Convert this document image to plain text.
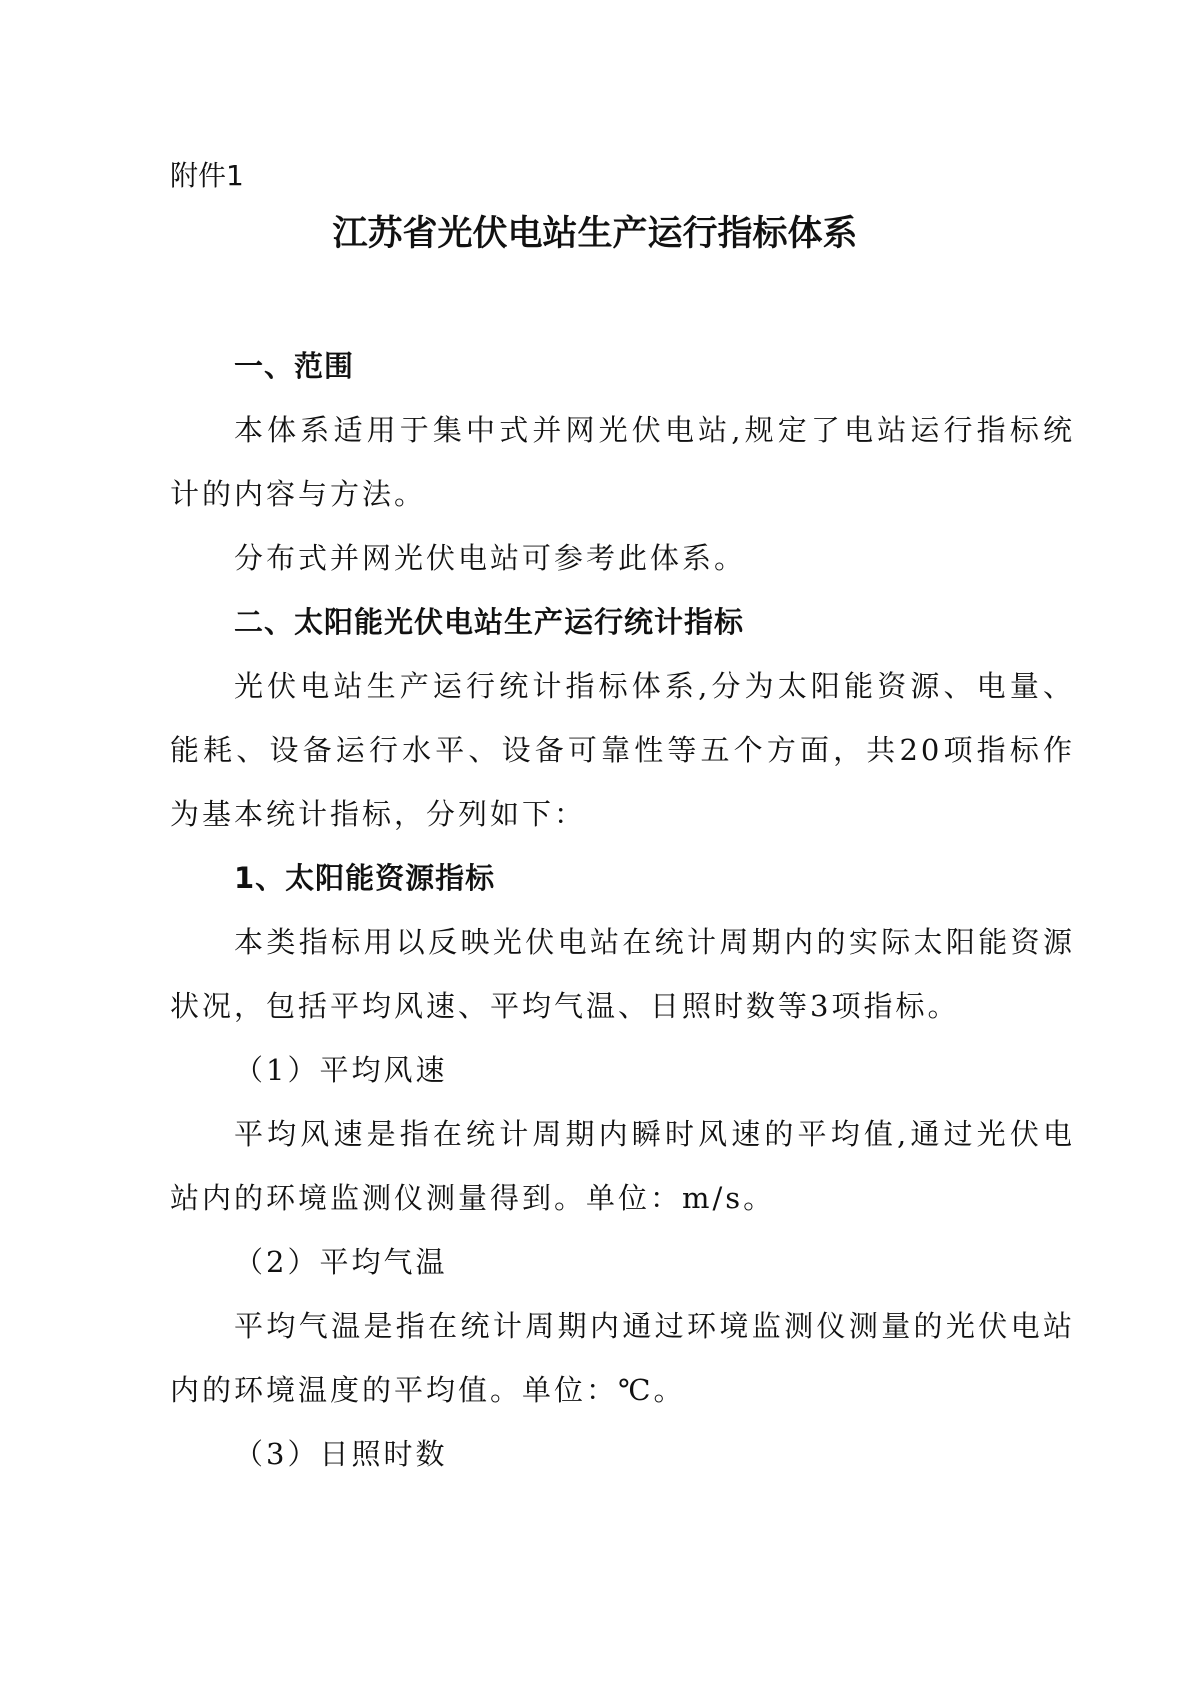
附件1
江苏省光伏电站生产运行指标体系

一、范围

本体系适用于集中式并网光伏电站,规定了电站运行指标统计的内容与方法。

分布式并网光伏电站可参考此体系。

二、太阳能光伏电站生产运行统计指标

光伏电站生产运行统计指标体系,分为太阳能资源、电量、能耗、设备运行水平、设备可靠性等五个方面，共20项指标作为基本统计指标，分列如下：

1、太阳能资源指标

本类指标用以反映光伏电站在统计周期内的实际太阳能资源状况，包括平均风速、平均气温、日照时数等3项指标。

（1）平均风速

平均风速是指在统计周期内瞬时风速的平均值,通过光伏电站内的环境监测仪测量得到。单位：m/s。

（2）平均气温

平均气温是指在统计周期内通过环境监测仪测量的光伏电站内的环境温度的平均值。单位：℃。

（3）日照时数
